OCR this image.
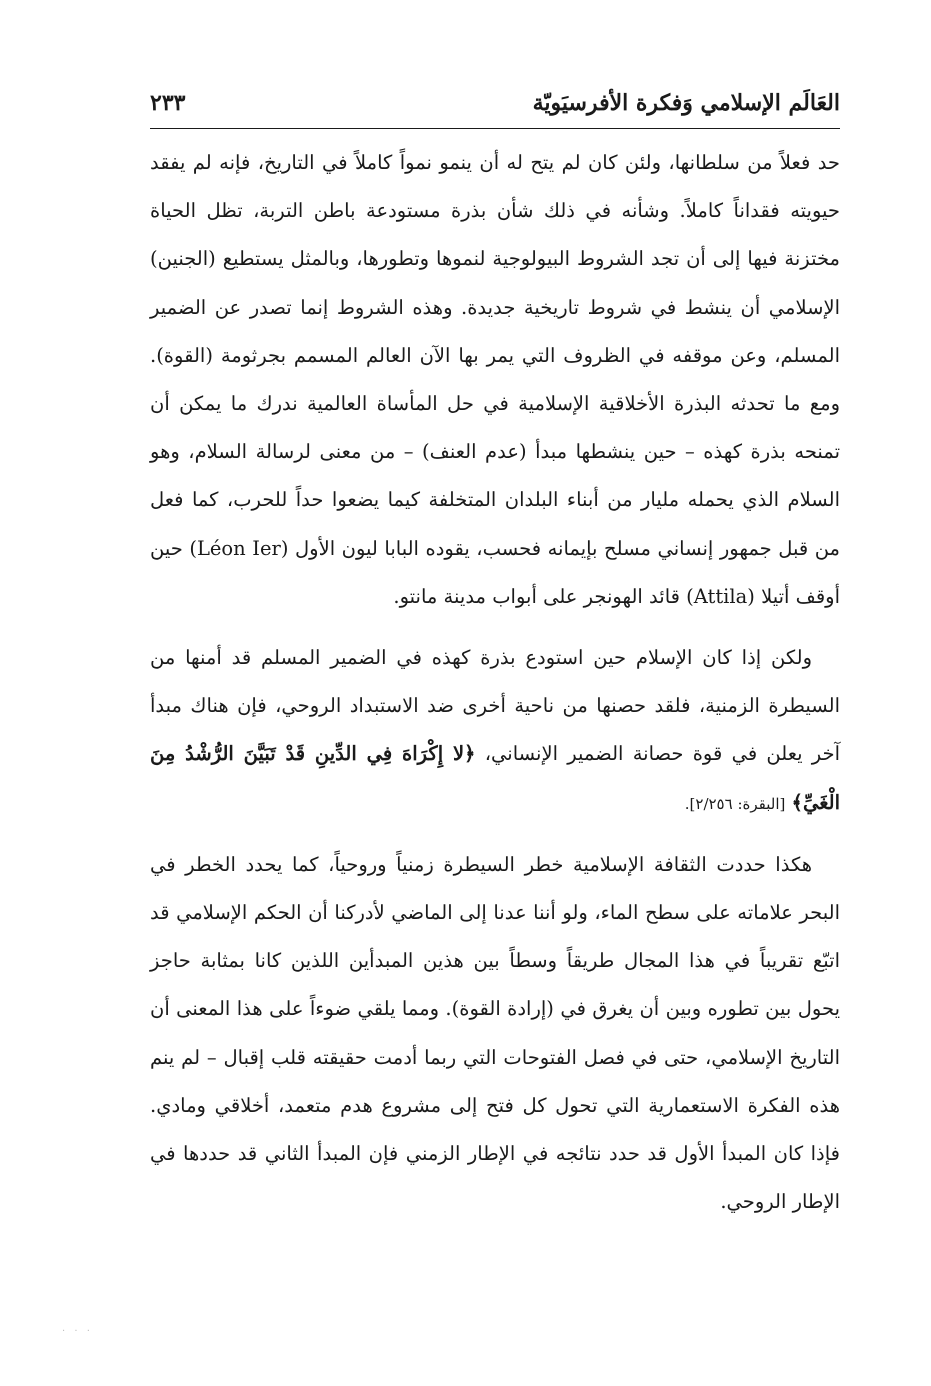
العَالَم الإسلامي وَفكرة الأفرسيَويّة
٢٣٣

حد فعلاً من سلطانها، ولئن كان لم يتح له أن ينمو نمواً كاملاً في التاريخ، فإنه لم يفقد حيويته فقداناً كاملاً. وشأنه في ذلك شأن بذرة مستودعة باطن التربة، تظل الحياة مختزنة فيها إلى أن تجد الشروط البيولوجية لنموها وتطورها، وبالمثل يستطيع (الجنين) الإسلامي أن ينشط في شروط تاريخية جديدة. وهذه الشروط إنما تصدر عن الضمير المسلم، وعن موقفه في الظروف التي يمر بها الآن العالم المسمم بجرثومة (القوة). ومع ما تحدثه البذرة الأخلاقية الإسلامية في حل المأساة العالمية ندرك ما يمكن أن تمنحه بذرة كهذه – حين ينشطها مبدأ (عدم العنف) – من معنى لرسالة السلام، وهو السلام الذي يحمله مليار من أبناء البلدان المتخلفة كيما يضعوا حداً للحرب، كما فعل من قبل جمهور إنساني مسلح بإيمانه فحسب، يقوده البابا ليون الأول (Léon Ier) حين أوقف أتيلا (Attila) قائد الهونجر على أبواب مدينة مانتو.

ولكن إذا كان الإسلام حين استودع بذرة كهذه في الضمير المسلم قد أمنها من السيطرة الزمنية، فلقد حصنها من ناحية أخرى ضد الاستبداد الروحي، فإن هناك مبدأ آخر يعلن في قوة حصانة الضمير الإنساني، ﴿لا إِكْرَاهَ فِي الدِّينِ قَدْ تَبَيَّنَ الرُّشْدُ مِنَ الْغَيِّ﴾ [البقرة: ٢/٢٥٦].

هكذا حددت الثقافة الإسلامية خطر السيطرة زمنياً وروحياً، كما يحدد الخطر في البحر علاماته على سطح الماء، ولو أننا عدنا إلى الماضي لأدركنا أن الحكم الإسلامي قد اتبّع تقريباً في هذا المجال طريقاً وسطاً بين هذين المبدأين اللذين كانا بمثابة حاجز يحول بين تطوره وبين أن يغرق في (إرادة القوة). ومما يلقي ضوءاً على هذا المعنى أن التاريخ الإسلامي، حتى في فصل الفتوحات التي ربما أدمت حقيقته قلب إقبال – لم ينم هذه الفكرة الاستعمارية التي تحول كل فتح إلى مشروع هدم متعمد، أخلاقي ومادي. فإذا كان المبدأ الأول قد حدد نتائجه في الإطار الزمني فإن المبدأ الثاني قد حددها في الإطار الروحي.

· · ·
